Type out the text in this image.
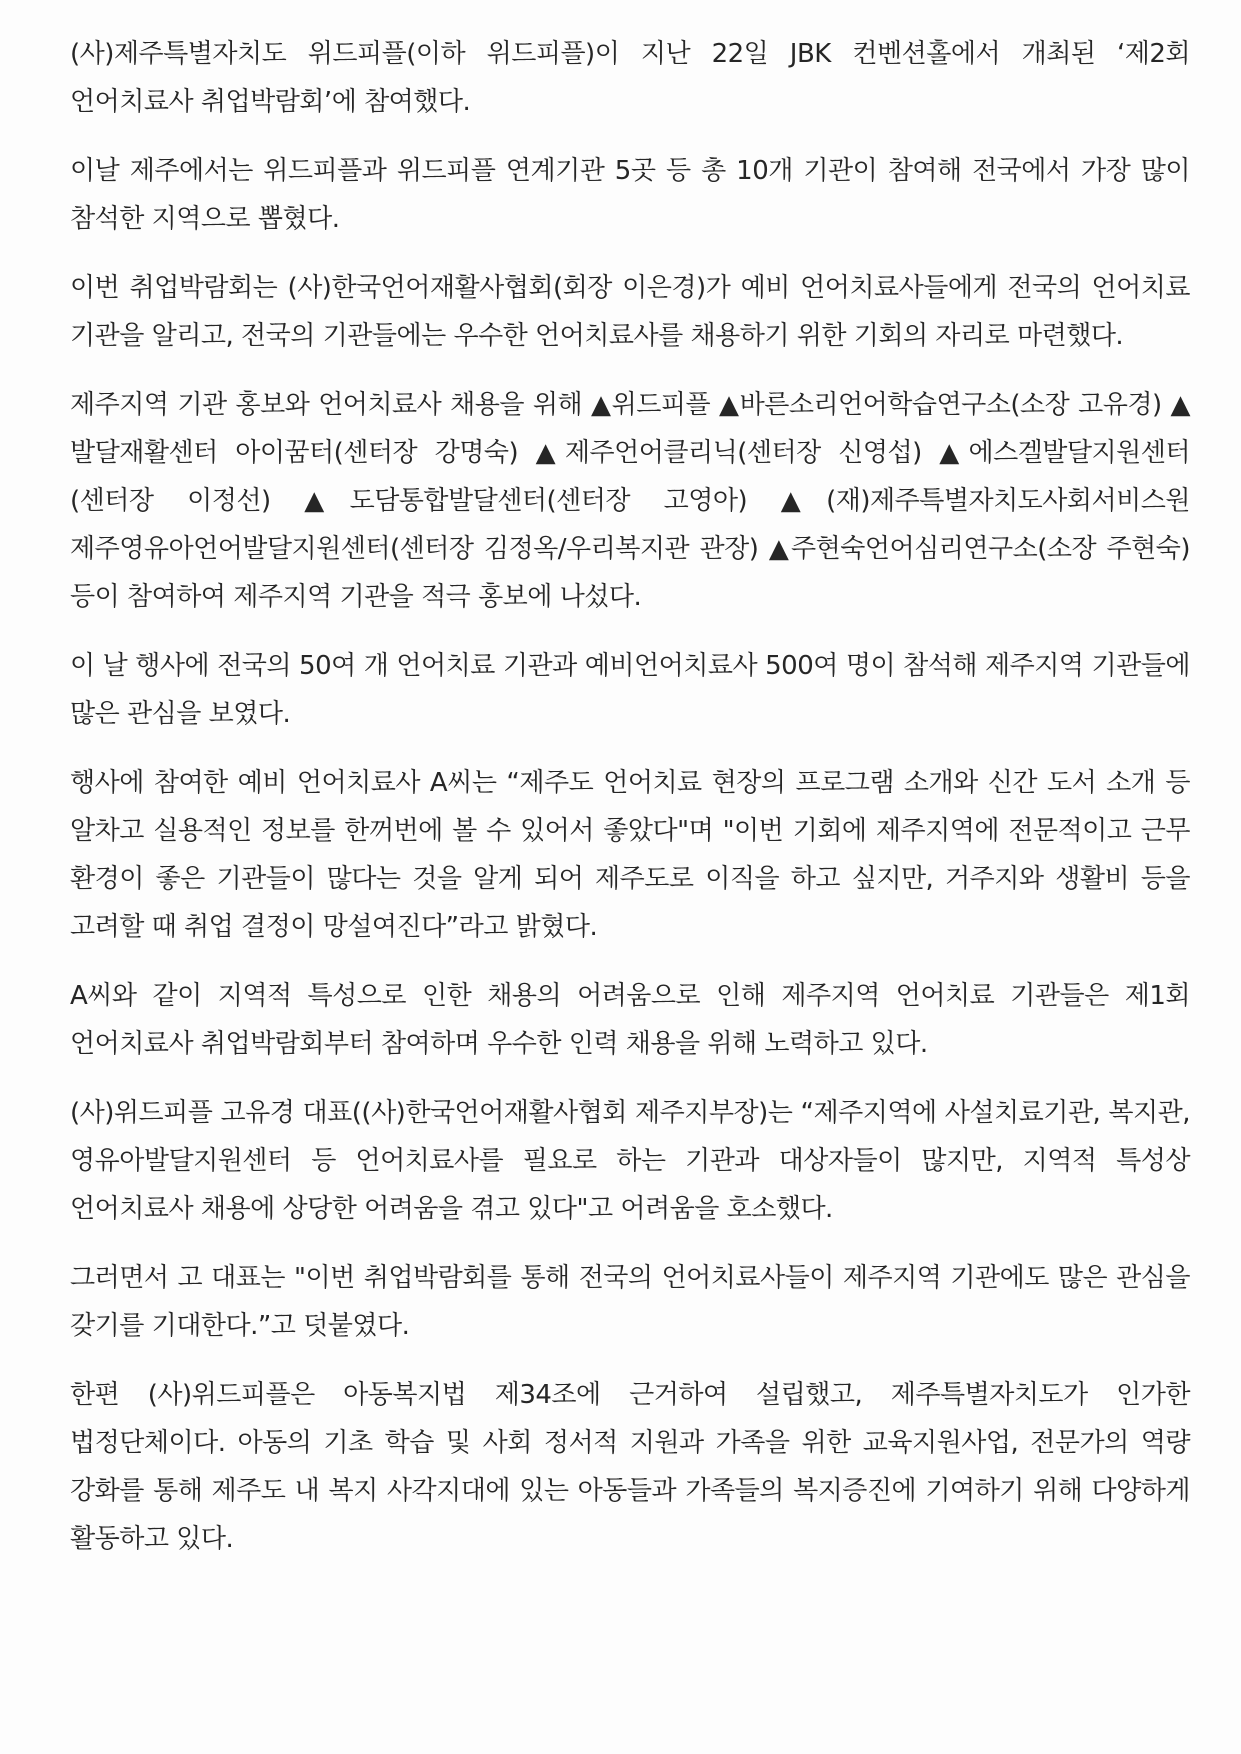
(사)제주특별자치도 위드피플(이하 위드피플)이 지난 22일 JBK 컨벤션홀에서 개최된 ‘제2회 언어치료사 취업박람회’에 참여했다.

이날 제주에서는 위드피플과 위드피플 연계기관 5곳 등 총 10개 기관이 참여해 전국에서 가장 많이 참석한 지역으로 뽑혔다.

이번 취업박람회는 (사)한국언어재활사협회(회장 이은경)가 예비 언어치료사들에게 전국의 언어치료 기관을 알리고, 전국의 기관들에는 우수한 언어치료사를 채용하기 위한 기회의 자리로 마련했다.

제주지역 기관 홍보와 언어치료사 채용을 위해 ▲위드피플 ▲바른소리언어학습연구소(소장 고유경) ▲발달재활센터 아이꿈터(센터장 강명숙) ▲제주언어클리닉(센터장 신영섭) ▲에스겔발달지원센터(센터장 이정선) ▲도담통합발달센터(센터장 고영아) ▲(재)제주특별자치도사회서비스원 제주영유아언어발달지원센터(센터장 김정옥/우리복지관 관장) ▲주현숙언어심리연구소(소장 주현숙) 등이 참여하여 제주지역 기관을 적극 홍보에 나섰다.

이 날 행사에 전국의 50여 개 언어치료 기관과 예비언어치료사 500여 명이 참석해 제주지역 기관들에 많은 관심을 보였다.

행사에 참여한 예비 언어치료사 A씨는 “제주도 언어치료 현장의 프로그램 소개와 신간 도서 소개 등 알차고 실용적인 정보를 한꺼번에 볼 수 있어서 좋았다"며 "이번 기회에 제주지역에 전문적이고 근무 환경이 좋은 기관들이 많다는 것을 알게 되어 제주도로 이직을 하고 싶지만, 거주지와 생활비 등을 고려할 때 취업 결정이 망설여진다”라고 밝혔다.

A씨와 같이 지역적 특성으로 인한 채용의 어려움으로 인해 제주지역 언어치료 기관들은 제1회 언어치료사 취업박람회부터 참여하며 우수한 인력 채용을 위해 노력하고 있다.

(사)위드피플 고유경 대표((사)한국언어재활사협회 제주지부장)는 “제주지역에 사설치료기관, 복지관, 영유아발달지원센터 등 언어치료사를 필요로 하는 기관과 대상자들이 많지만, 지역적 특성상 언어치료사 채용에 상당한 어려움을 겪고 있다"고 어려움을 호소했다.

그러면서 고 대표는 "이번 취업박람회를 통해 전국의 언어치료사들이 제주지역 기관에도 많은 관심을 갖기를 기대한다.”고 덧붙였다.

한편 (사)위드피플은 아동복지법 제34조에 근거하여 설립했고, 제주특별자치도가 인가한 법정단체이다. 아동의 기초 학습 및 사회 정서적 지원과 가족을 위한 교육지원사업, 전문가의 역량 강화를 통해 제주도 내 복지 사각지대에 있는 아동들과 가족들의 복지증진에 기여하기 위해 다양하게 활동하고 있다.
